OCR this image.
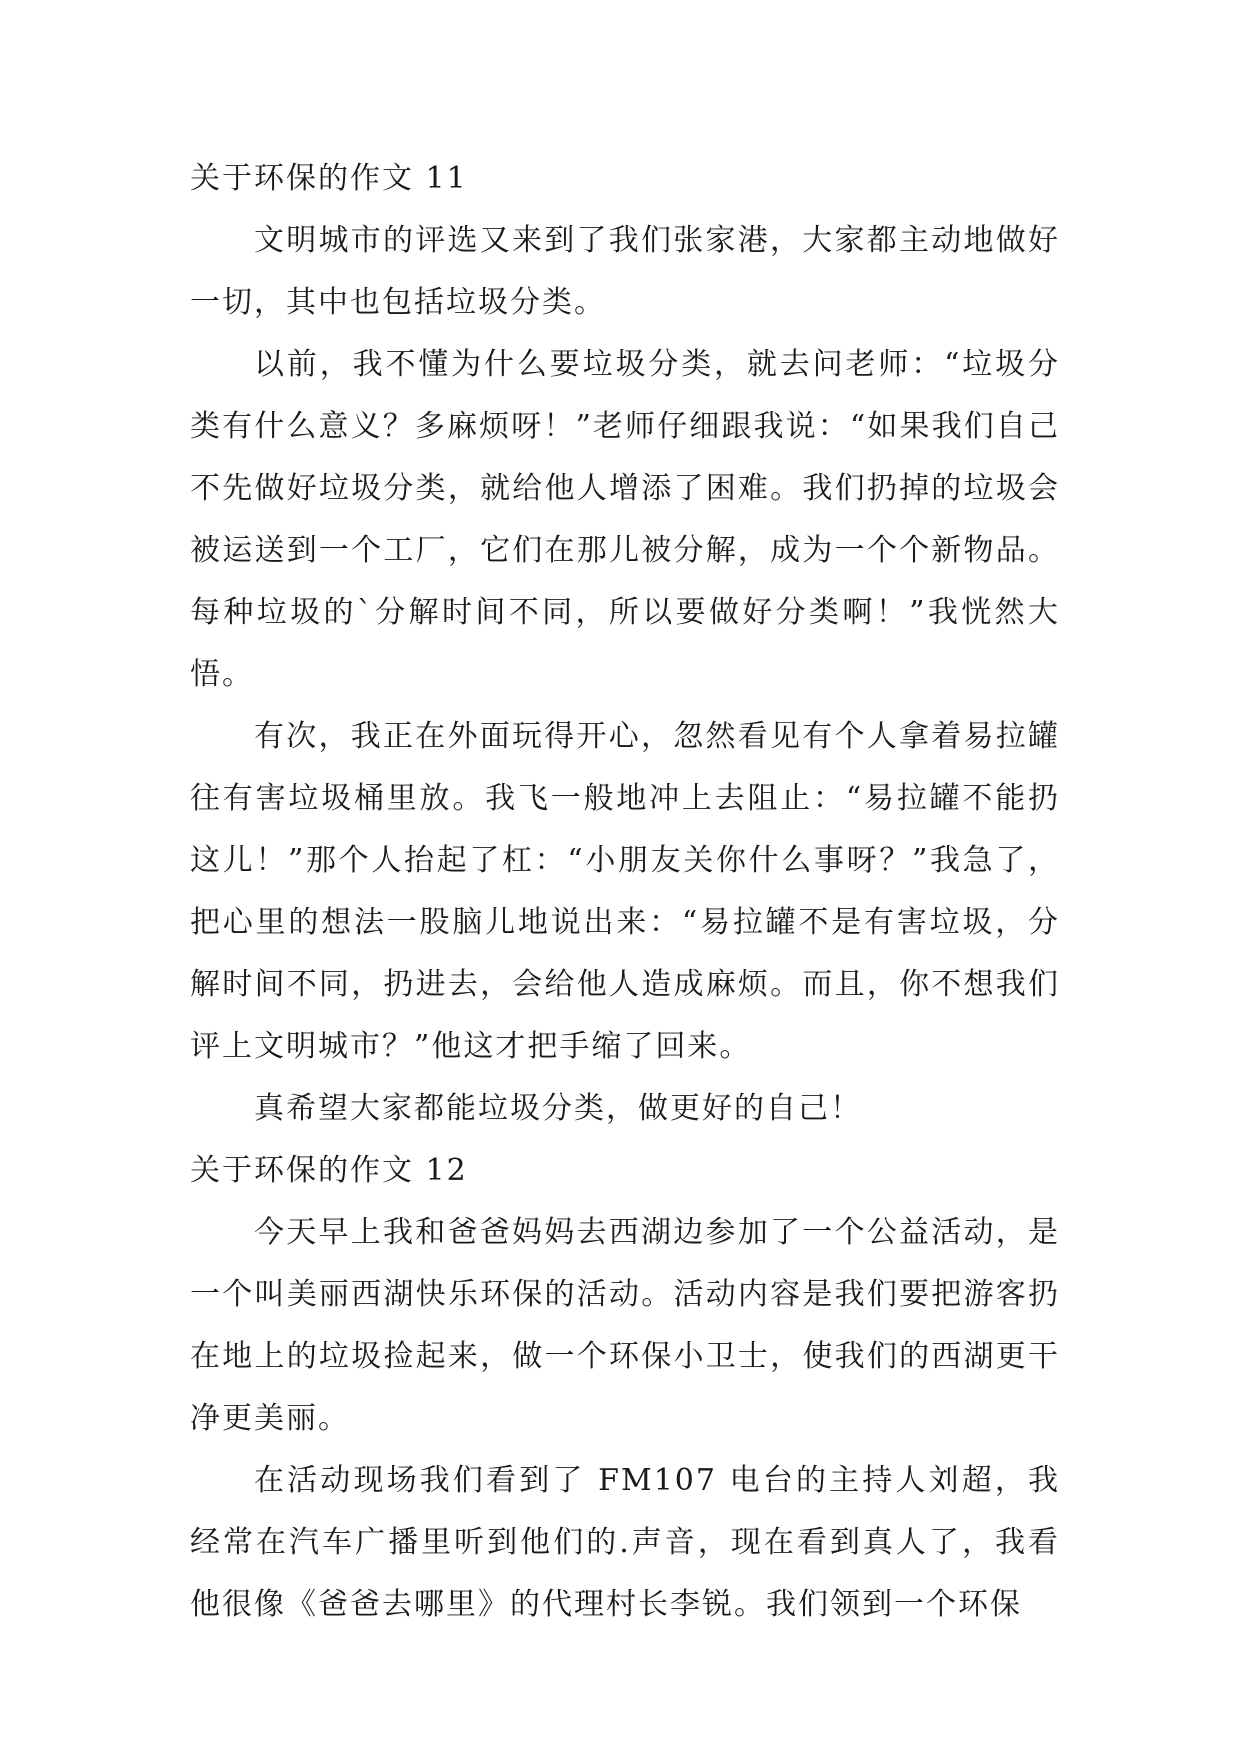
关于环保的作文 11

文明城市的评选又来到了我们张家港，大家都主动地做好一切，其中也包括垃圾分类。

以前，我不懂为什么要垃圾分类，就去问老师：“垃圾分类有什么意义？多麻烦呀！”老师仔细跟我说：“如果我们自己不先做好垃圾分类，就给他人增添了困难。我们扔掉的垃圾会被运送到一个工厂，它们在那儿被分解，成为一个个新物品。每种垃圾的`分解时间不同，所以要做好分类啊！”我恍然大悟。

有次，我正在外面玩得开心，忽然看见有个人拿着易拉罐往有害垃圾桶里放。我飞一般地冲上去阻止：“易拉罐不能扔这儿！”那个人抬起了杠：“小朋友关你什么事呀？”我急了，把心里的想法一股脑儿地说出来：“易拉罐不是有害垃圾，分解时间不同，扔进去，会给他人造成麻烦。而且，你不想我们评上文明城市？”他这才把手缩了回来。

真希望大家都能垃圾分类，做更好的自己！

关于环保的作文 12

今天早上我和爸爸妈妈去西湖边参加了一个公益活动，是一个叫美丽西湖快乐环保的活动。活动内容是我们要把游客扔在地上的垃圾捡起来，做一个环保小卫士，使我们的西湖更干净更美丽。

在活动现场我们看到了 FM107 电台的主持人刘超，我经常在汽车广播里听到他们的.声音，现在看到真人了，我看他很像《爸爸去哪里》的代理村长李锐。我们领到一个环保
